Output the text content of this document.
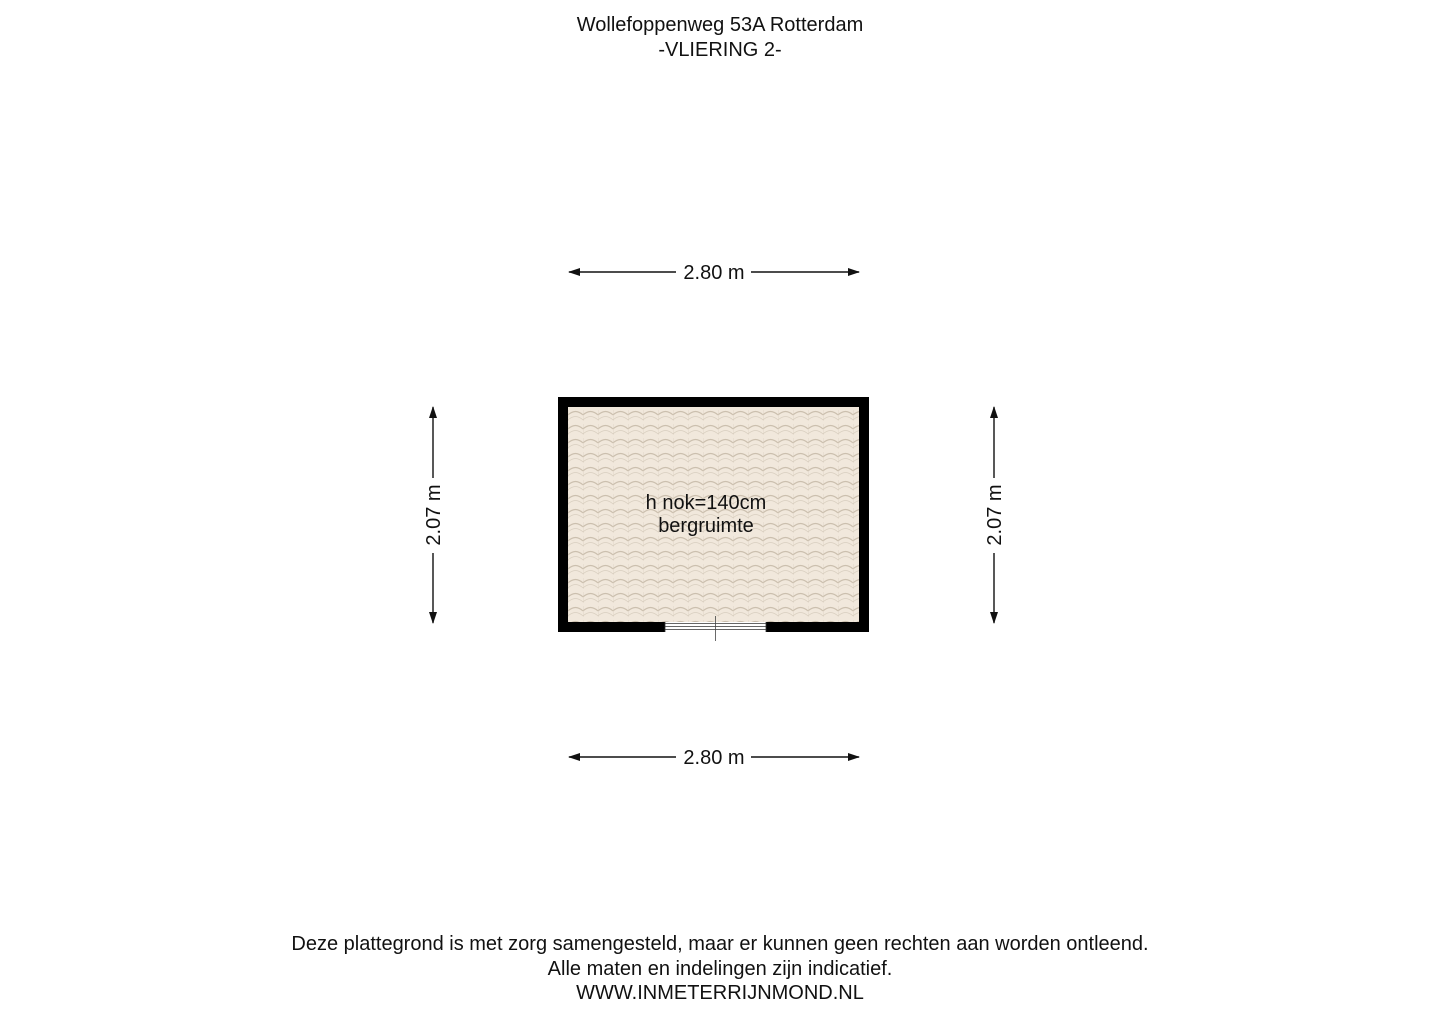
Wollefoppenweg 53A Rotterdam
-VLIERING 2-
2.80 m
2.80 m
2.07 m	2.07 m
h nok=140cm
bergruimte
Deze plattegrond is met zorg samengesteld, maar er kunnen geen rechten aan worden ontleend.
Alle maten en indelingen zijn indicatief.
WWW.INMETERRIJNMOND.NL
